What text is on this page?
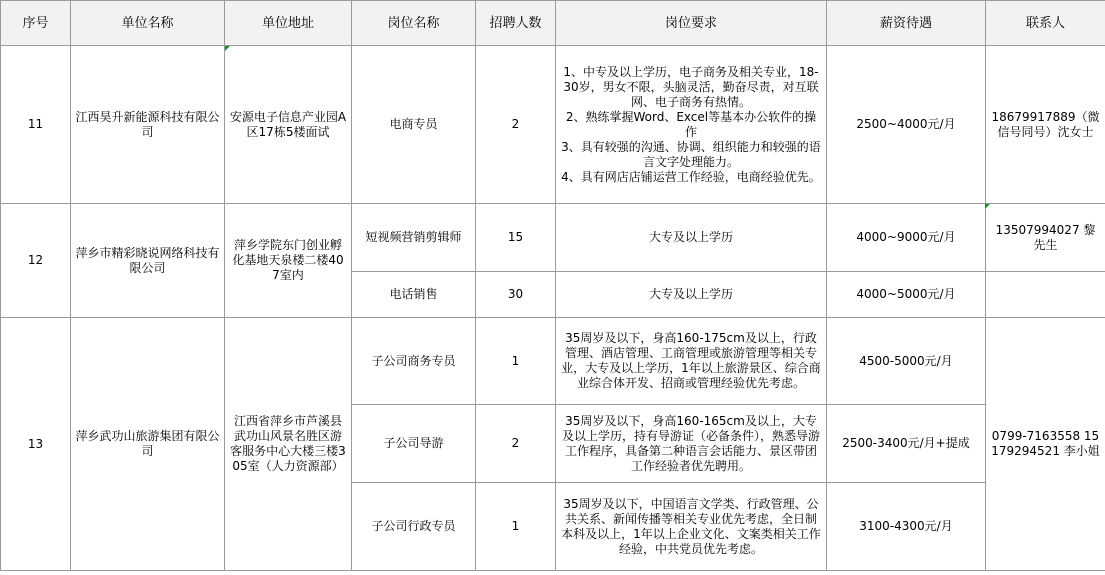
序号	单位名称	单位地址	岗位名称	招聘人数	岗位要求	薪资待遇	联系人
11	江西昊升新能源科技有限公司	安源电子信息产业园A区17栋5楼面试	电商专员	2	1、中专及以上学历，电子商务及相关专业，18-30岁，男女不限，头脑灵活，勤奋尽责，对互联网、电子商务有热情。
2、熟练掌握Word、Excel等基本办公软件的操作
3、具有较强的沟通、协调、组织能力和较强的语言文字处理能力。
4、具有网店店铺运营工作经验，电商经验优先。	2500~4000元/月	18679917889（微信号同号）沈女士
12	萍乡市精彩晓说网络科技有限公司	萍乡学院东门创业孵化基地天泉楼二楼407室内	短视频营销剪辑师	15	大专及以上学历	4000~9000元/月	13507994027 黎先生
			电话销售	30	大专及以上学历	4000~5000元/月	
13	萍乡武功山旅游集团有限公司	江西省萍乡市芦溪县武功山风景名胜区游客服务中心大楼三楼305室（人力资源部）	子公司商务专员	1	35周岁及以下，身高160-175cm及以上，行政管理、酒店管理、工商管理或旅游管理等相关专业，大专及以上学历，1年以上旅游景区、综合商业综合体开发、招商或管理经验优先考虑。	4500-5000元/月	0799-7163558 15179294521 李小姐
			子公司导游	2	35周岁及以下，身高160-165cm及以上，大专及以上学历，持有导游证（必备条件），熟悉导游工作程序，具备第二种语言会话能力、景区带团工作经验者优先聘用。	2500-3400元/月+提成	
			子公司行政专员	1	35周岁及以下，中国语言文学类、行政管理、公共关系、新闻传播等相关专业优先考虑，全日制本科及以上，1年以上企业文化、文案类相关工作经验，中共党员优先考虑。	3100-4300元/月	
